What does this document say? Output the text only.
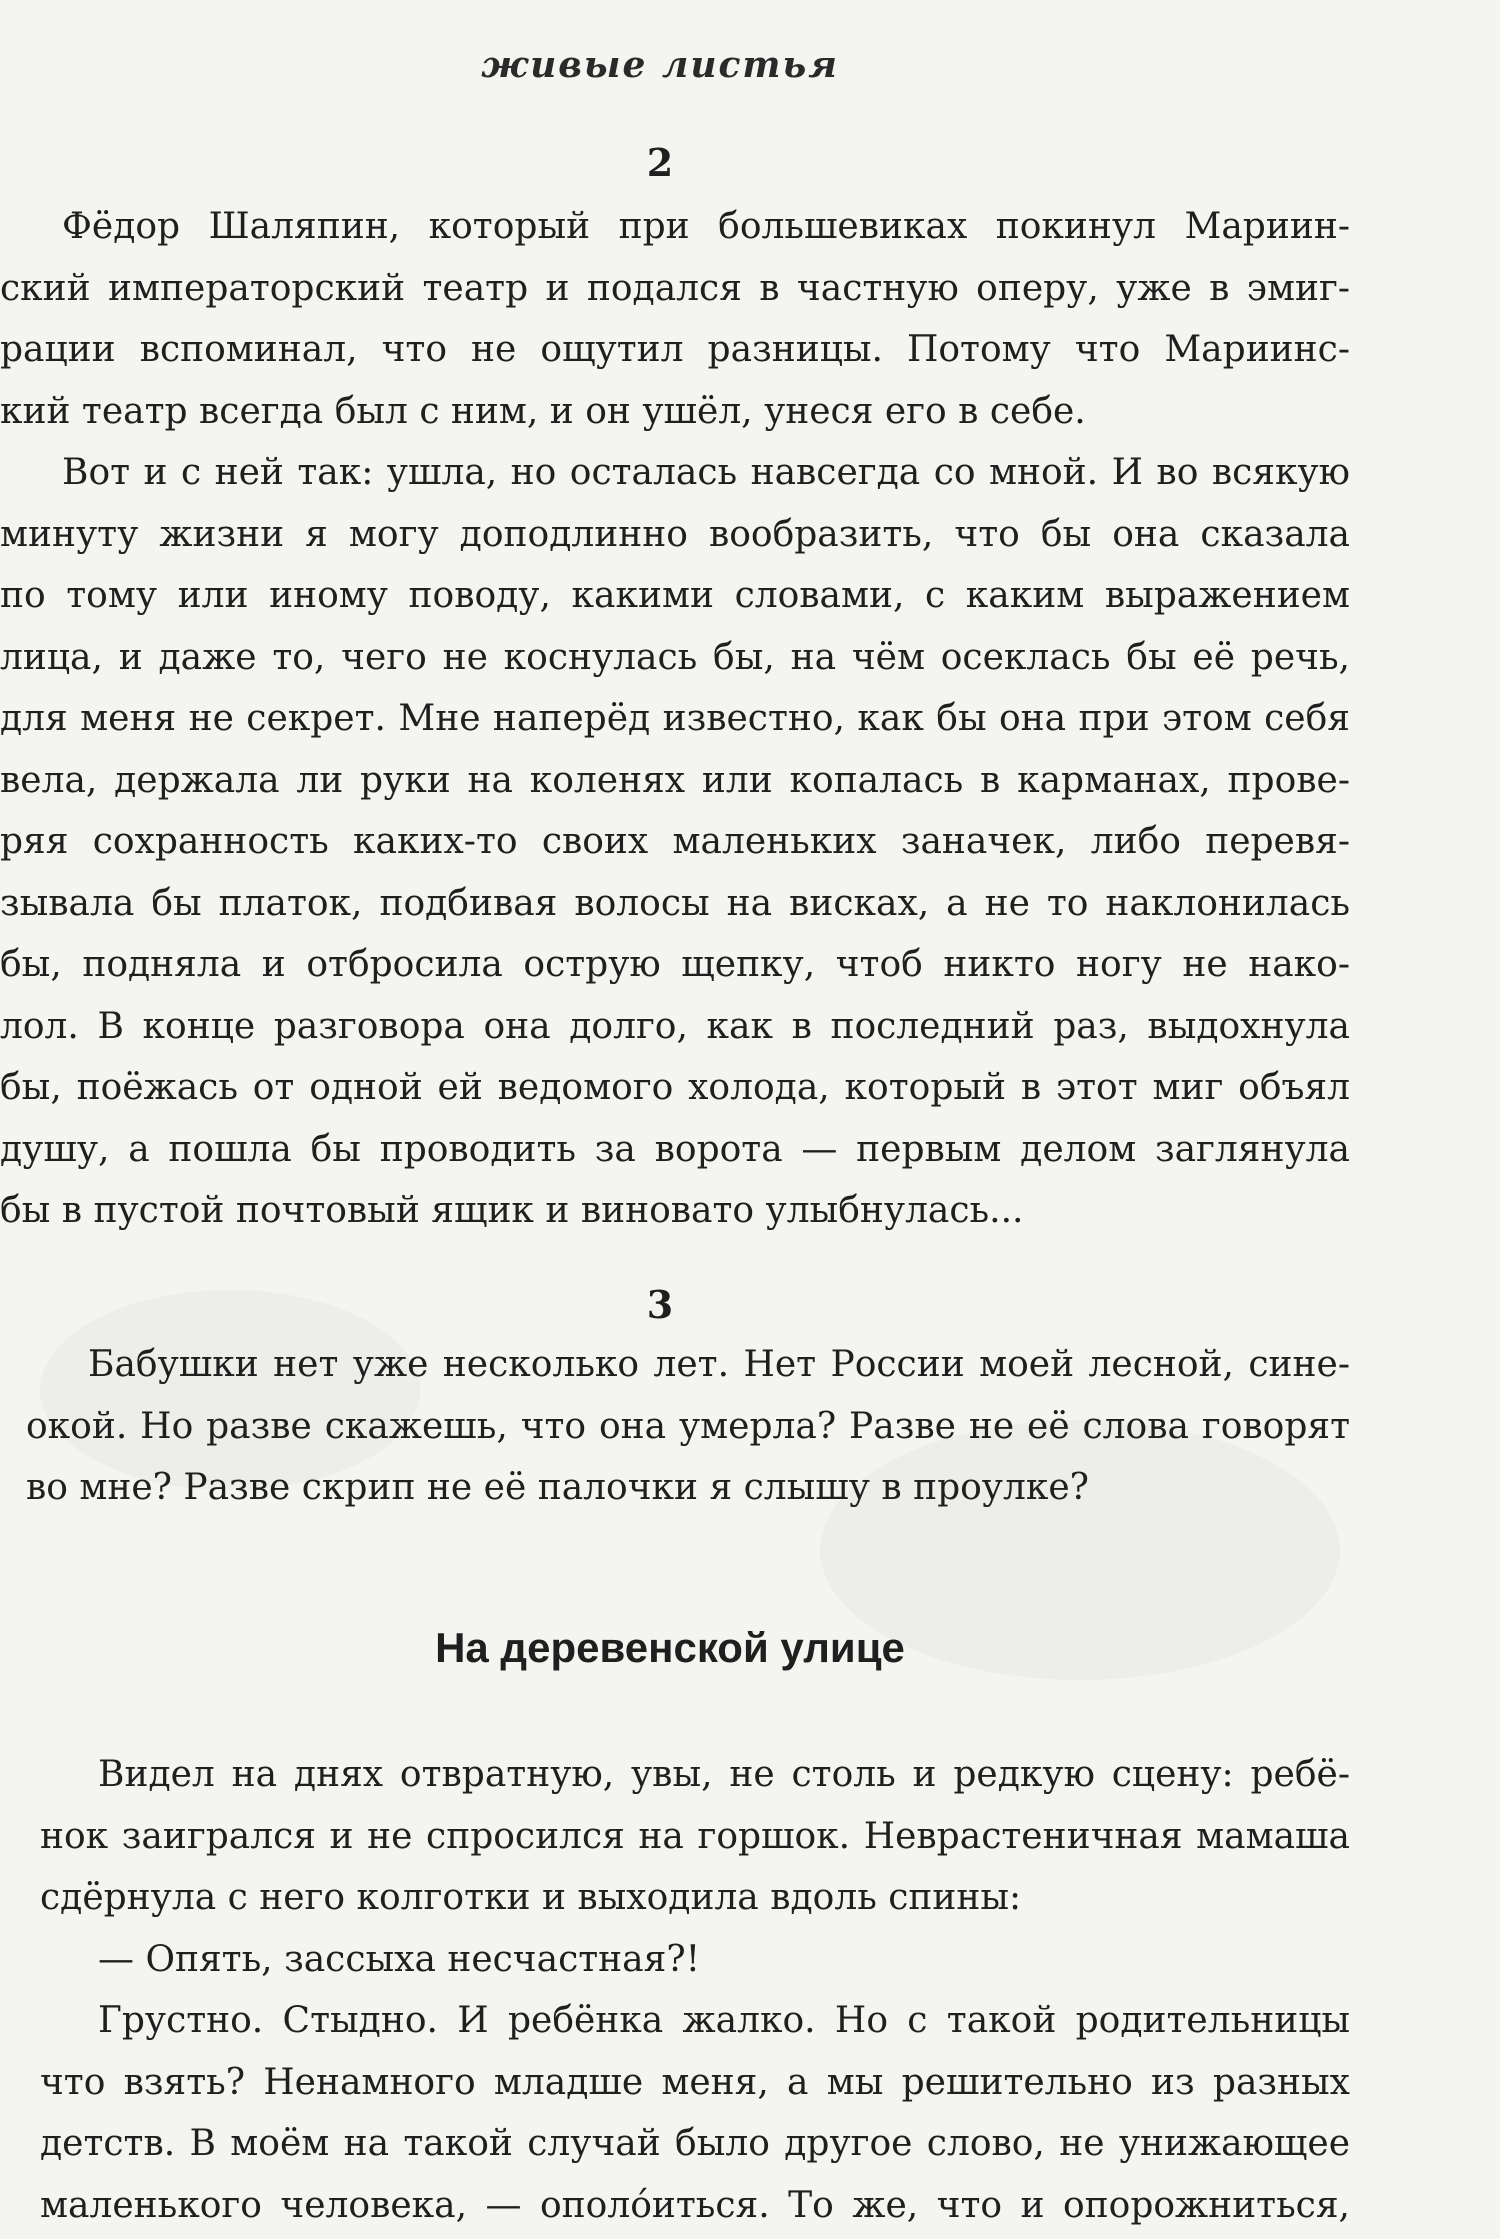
живые листья
2
Фёдор Шаляпин, который при большевиках покинул Мариин-
ский императорский театр и подался в частную оперу, уже в эмиг-
рации вспоминал, что не ощутил разницы. Потому что Мариинс-
кий театр всегда был с ним, и он ушёл, унеся его в себе.
Вот и с ней так: ушла, но осталась навсегда со мной. И во всякую
минуту жизни я могу доподлинно вообразить, что бы она сказала
по тому или иному поводу, какими словами, с каким выражением
лица, и даже то, чего не коснулась бы, на чём осеклась бы её речь,
для меня не секрет. Мне наперёд известно, как бы она при этом себя
вела, держала ли руки на коленях или копалась в карманах, прове-
ряя сохранность каких-то своих маленьких заначек, либо перевя-
зывала бы платок, подбивая волосы на висках, а не то наклонилась
бы, подняла и отбросила острую щепку, чтоб никто ногу не нако-
лол. В конце разговора она долго, как в последний раз, выдохнула
бы, поёжась от одной ей ведомого холода, который в этот миг объял
душу, а пошла бы проводить за ворота — первым делом заглянула
бы в пустой почтовый ящик и виновато улыбнулась...
3
Бабушки нет уже несколько лет. Нет России моей лесной, сине-
окой. Но разве скажешь, что она умерла? Разве не её слова говорят
во мне? Разве скрип не её палочки я слышу в проулке?
На деревенской улице
Видел на днях отвратную, увы, не столь и редкую сцену: ребё-
нок заигрался и не спросился на горшок. Неврастеничная мамаша
сдёрнула с него колготки и выходила вдоль спины:
— Опять, зассыха несчастная?!
Грустно. Стыдно. И ребёнка жалко. Но с такой родительницы
что взять? Ненамного младше меня, а мы решительно из разных
детств. В моём на такой случай было другое слово, не унижающее
маленького человека, — ополо́иться. То же, что и опорожниться,
